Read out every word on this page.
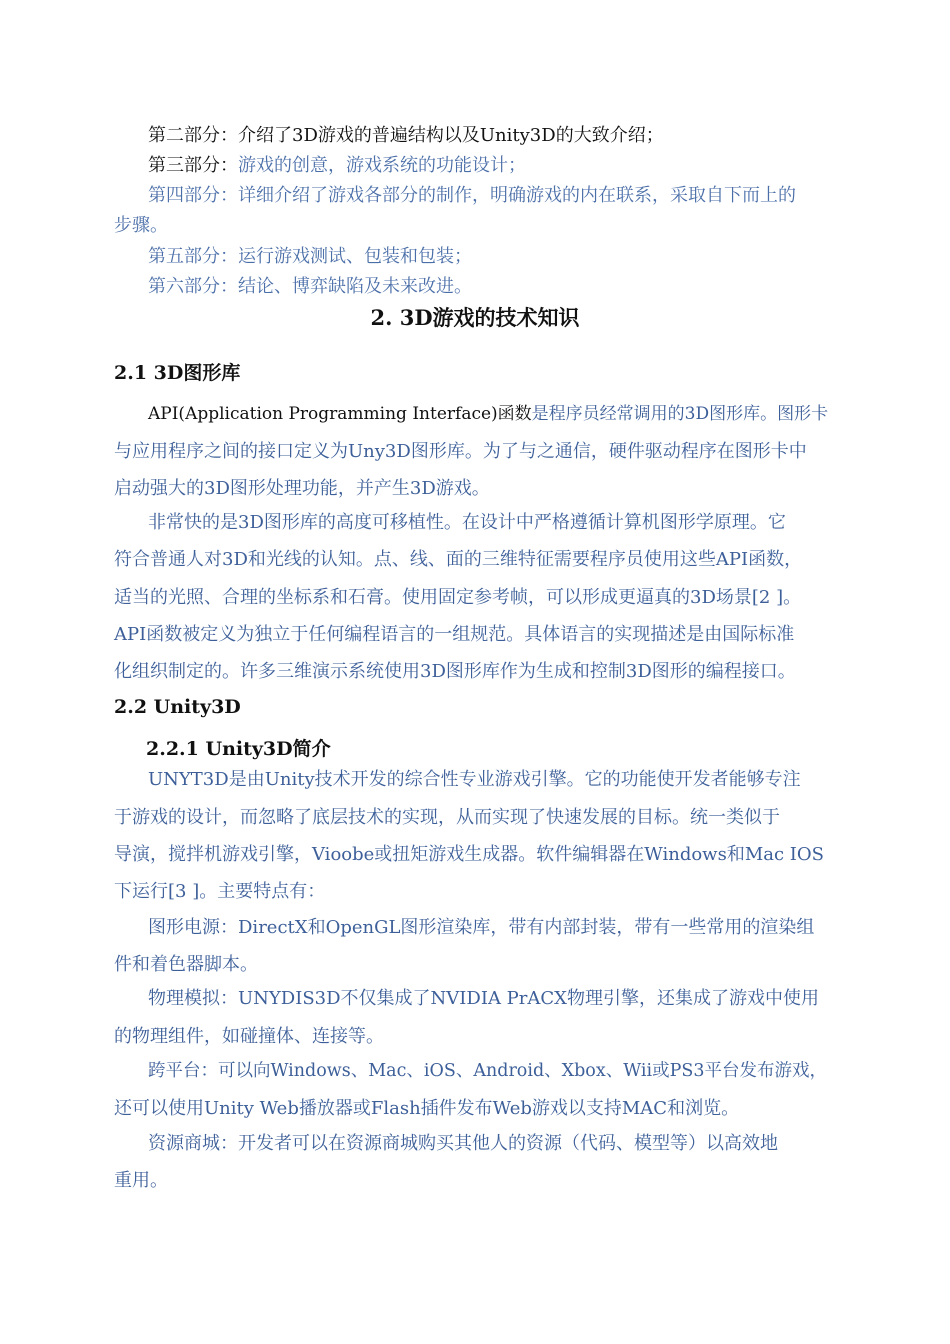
第二部分：介绍了3D游戏的普遍结构以及Unity3D的大致介绍；
第三部分：游戏的创意，游戏系统的功能设计；
第四部分：详细介绍了游戏各部分的制作，明确游戏的内在联系，采取自下而上的
步骤。
第五部分：运行游戏测试、包装和包装；
第六部分：结论、博弈缺陷及未来改进。
2. 3D游戏的技术知识
2.1 3D图形库
API(Application Programming Interface)函数是程序员经常调用的3D图形库。图形卡
与应用程序之间的接口定义为Uny3D图形库。为了与之通信，硬件驱动程序在图形卡中
启动强大的3D图形处理功能，并产生3D游戏。
非常快的是3D图形库的高度可移植性。在设计中严格遵循计算机图形学原理。它
符合普通人对3D和光线的认知。点、线、面的三维特征需要程序员使用这些API函数，
适当的光照、合理的坐标系和石膏。使用固定参考帧，可以形成更逼真的3D场景[2 ]。
API函数被定义为独立于任何编程语言的一组规范。具体语言的实现描述是由国际标准
化组织制定的。许多三维演示系统使用3D图形库作为生成和控制3D图形的编程接口。
2.2 Unity3D
2.2.1 Unity3D简介
UNYT3D是由Unity技术开发的综合性专业游戏引擎。它的功能使开发者能够专注
于游戏的设计，而忽略了底层技术的实现，从而实现了快速发展的目标。统一类似于
导演，搅拌机游戏引擎，Vioobe或扭矩游戏生成器。软件编辑器在Windows和Mac IOS
下运行[3 ]。主要特点有：
图形电源：DirectX和OpenGL图形渲染库，带有内部封装，带有一些常用的渲染组
件和着色器脚本。
物理模拟：UNYDIS3D不仅集成了NVIDIA PrACX物理引擎，还集成了游戏中使用
的物理组件，如碰撞体、连接等。
跨平台：可以向Windows、Mac、iOS、Android、Xbox、Wii或PS3平台发布游戏，
还可以使用Unity Web播放器或Flash插件发布Web游戏以支持MAC和浏览。
资源商城：开发者可以在资源商城购买其他人的资源（代码、模型等）以高效地
重用。
